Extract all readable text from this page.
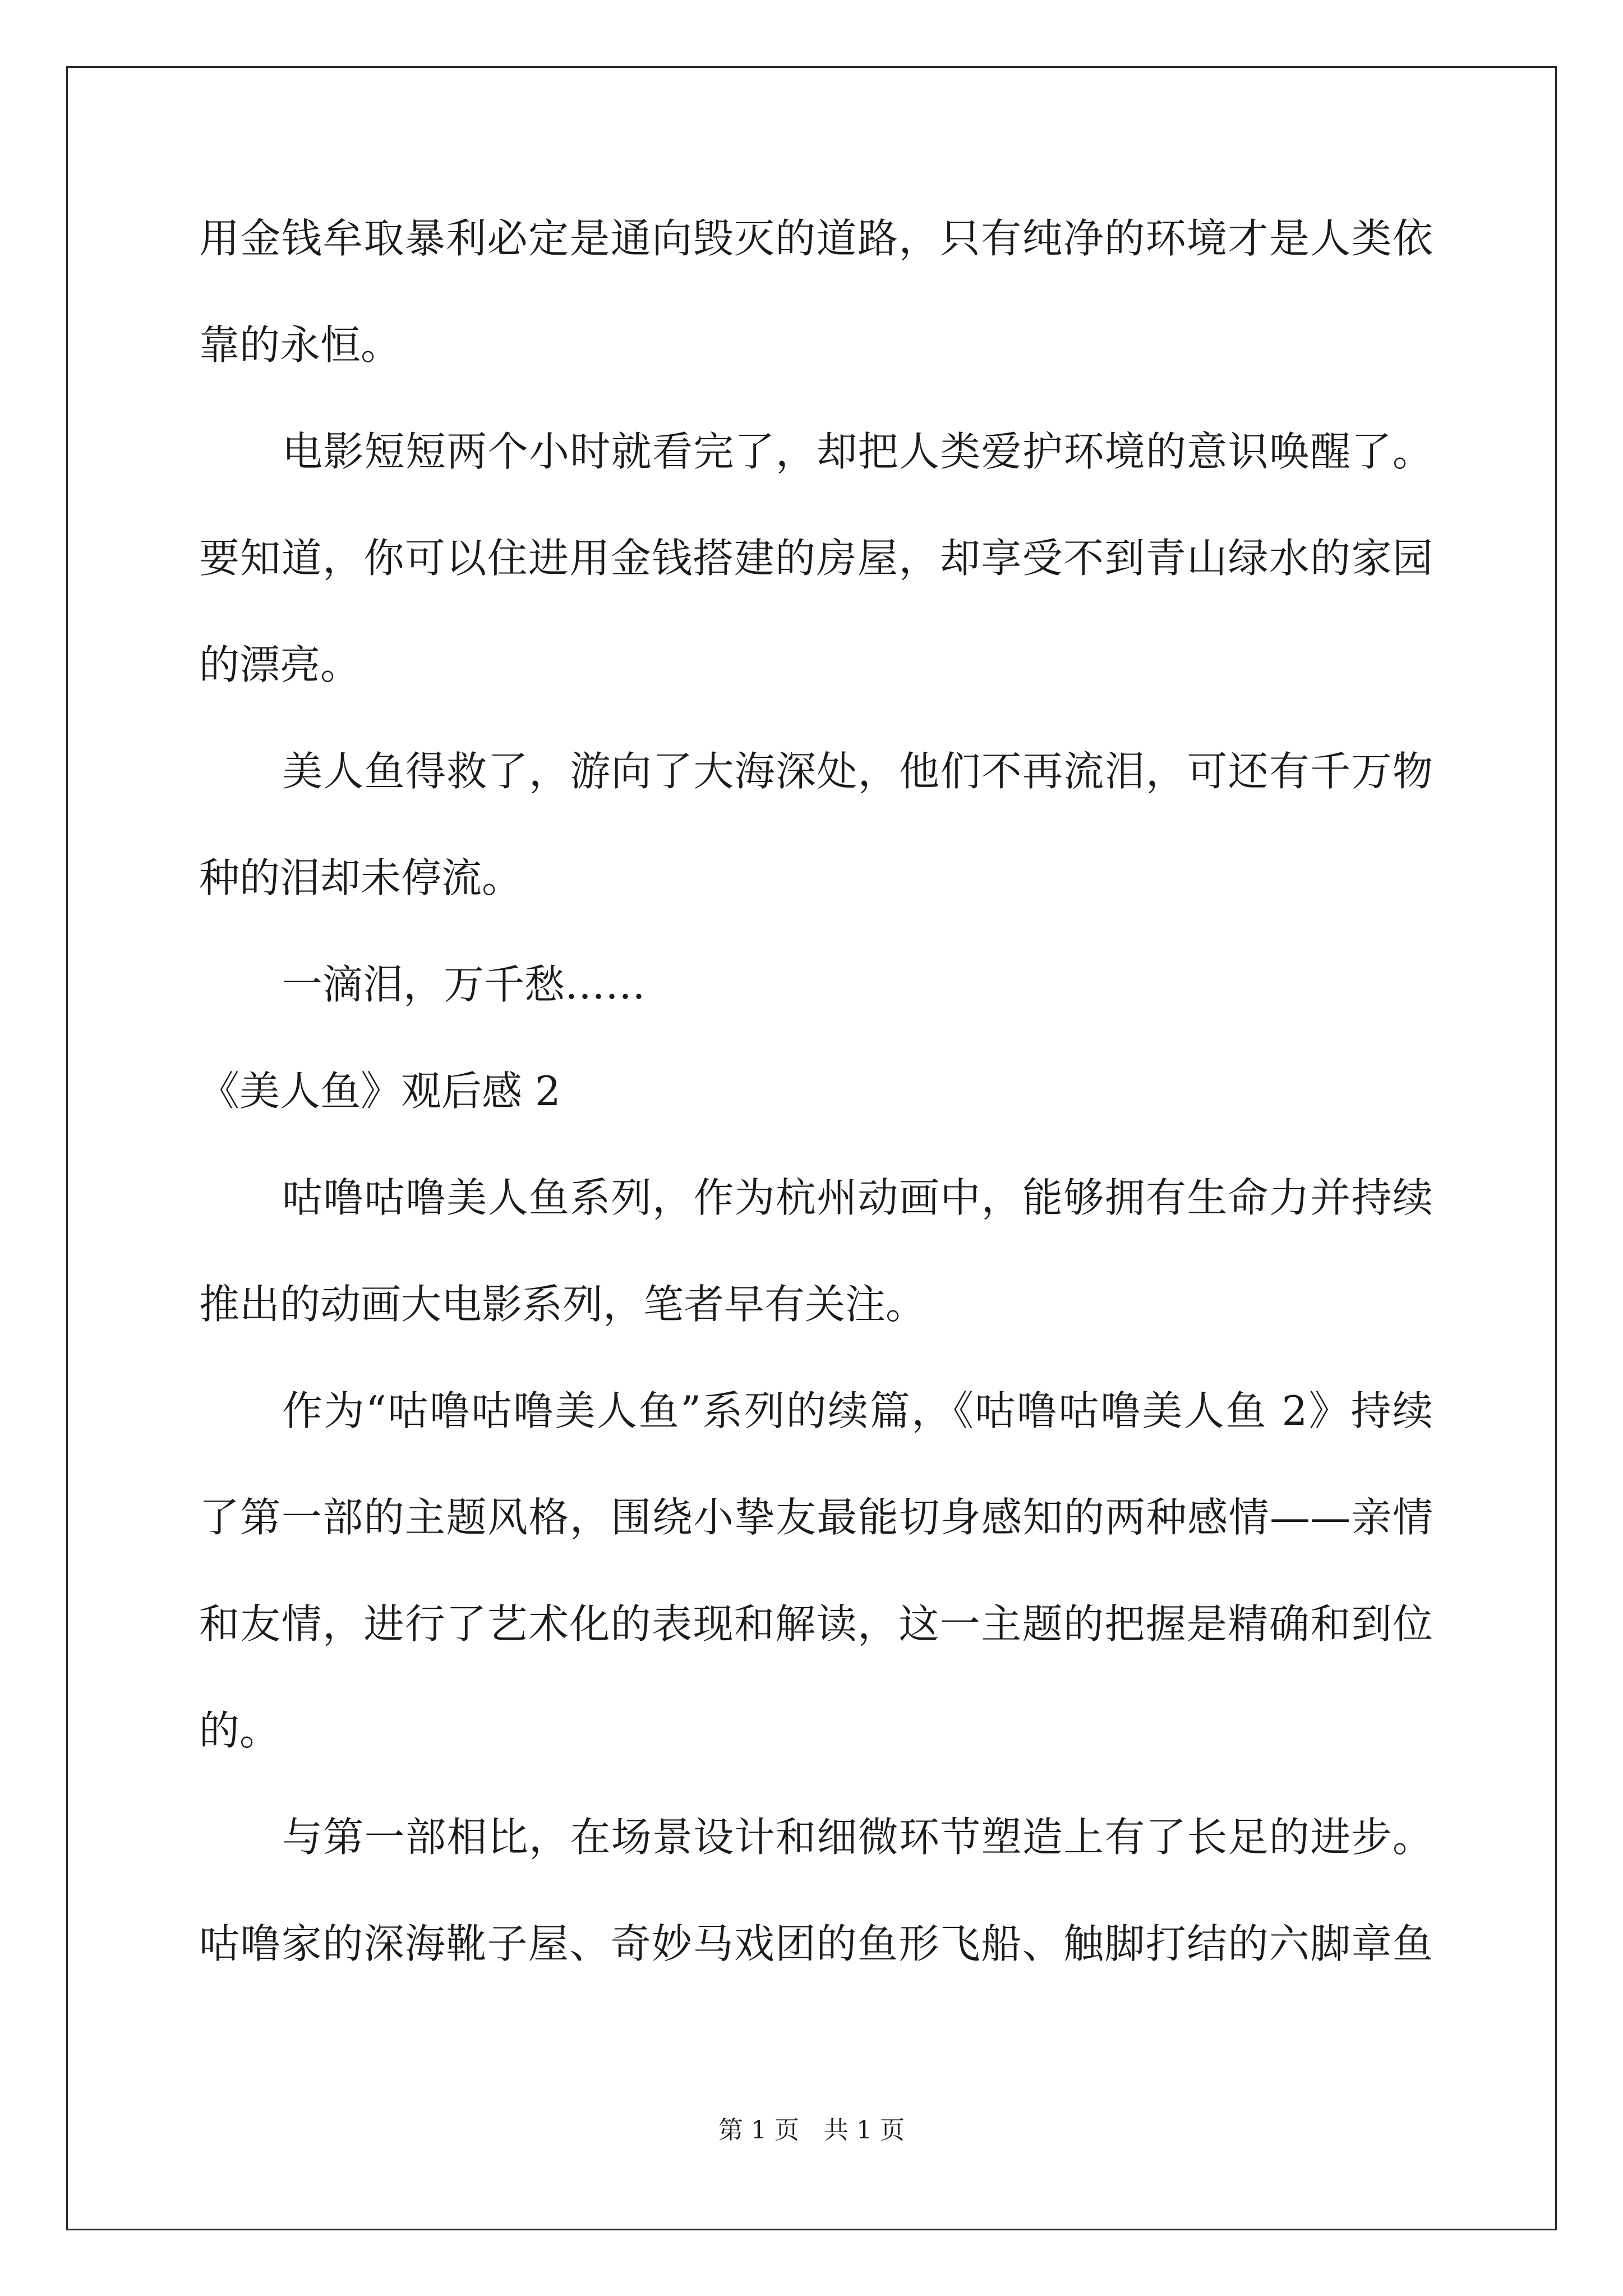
用金钱牟取暴利必定是通向毁灭的道路，只有纯净的环境才是人类依
靠的永恒。
电影短短两个小时就看完了，却把人类爱护环境的意识唤醒了。
要知道，你可以住进用金钱搭建的房屋，却享受不到青山绿水的家园
的漂亮。
美人鱼得救了，游向了大海深处，他们不再流泪，可还有千万物
种的泪却未停流。
一滴泪，万千愁……
《美人鱼》观后感 2
咕噜咕噜美人鱼系列，作为杭州动画中，能够拥有生命力并持续
推出的动画大电影系列，笔者早有关注。
作为“咕噜咕噜美人鱼”系列的续篇，《咕噜咕噜美人鱼 2》持续
了第一部的主题风格，围绕小挚友最能切身感知的两种感情——亲情
和友情，进行了艺术化的表现和解读，这一主题的把握是精确和到位
的。
与第一部相比，在场景设计和细微环节塑造上有了长足的进步。
咕噜家的深海靴子屋、奇妙马戏团的鱼形飞船、触脚打结的六脚章鱼
第 1 页　共 1 页
